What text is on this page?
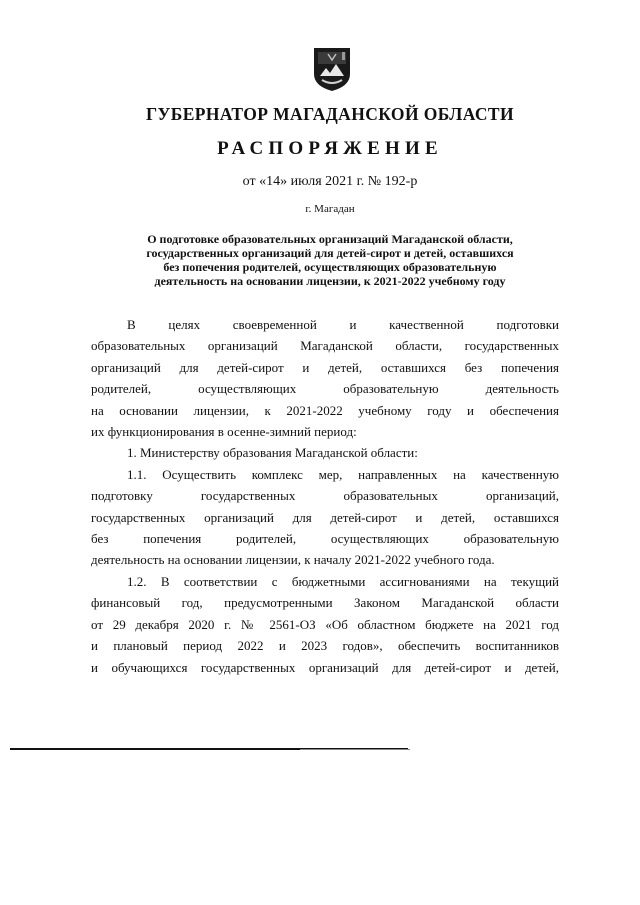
ГУБЕРНАТОР МАГАДАНСКОЙ ОБЛАСТИ
РАСПОРЯЖЕНИЕ
от «14» июля 2021 г. № 192-р
г. Магадан
О подготовке образовательных организаций Магаданской области,
государственных организаций для детей-сирот и детей, оставшихся
без попечения родителей, осуществляющих образовательную
деятельность на основании лицензии, к 2021-2022 учебному году
В целях своевременной и качественной подготовки
образовательных организаций Магаданской области, государственных
организаций для детей-сирот и детей, оставшихся без попечения
родителей, осуществляющих образовательную деятельность
на основании лицензии, к 2021-2022 учебному году и обеспечения
их функционирования в осенне-зимний период:
1. Министерству образования Магаданской области:
1.1. Осуществить комплекс мер, направленных на качественную
подготовку государственных образовательных организаций,
государственных организаций для детей-сирот и детей, оставшихся
без попечения родителей, осуществляющих образовательную
деятельность на основании лицензии, к началу 2021-2022 учебного года.
1.2. В соответствии с бюджетными ассигнованиями на текущий
финансовый год, предусмотренными Законом Магаданской области
от 29 декабря 2020 г. № 2561-ОЗ «Об областном бюджете на 2021 год
и плановый период 2022 и 2023 годов», обеспечить воспитанников
и обучающихся государственных организаций для детей-сирот и детей,
